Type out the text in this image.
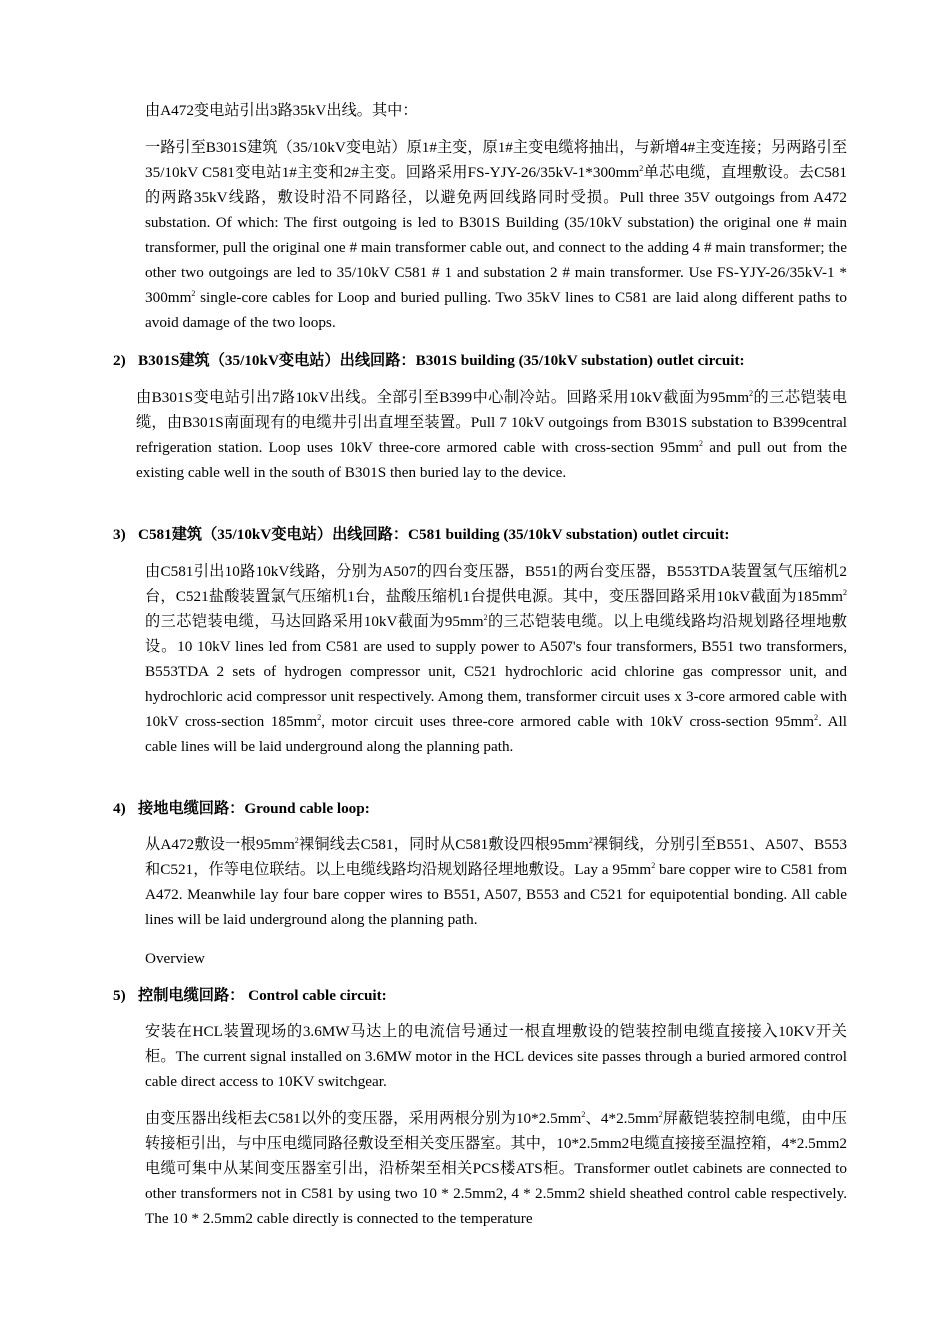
由A472变电站引出3路35kV出线。其中：

一路引至B301S建筑（35/10kV变电站）原1#主变，原1#主变电缆将抽出，与新增4#主变连接；另两路引至35/10kV C581变电站1#主变和2#主变。回路采用$FS-YJY-26/35kV-1*300mm^2$单芯电缆，直埋敷设。去C581的两路35kV线路，敷设时沿不同路径，以避免两回线路同时受损。Pull three 35V outgoings from A472 substation. Of which: The first outgoing is led to B301S Building (35/10kV substation) the original one # main transformer, pull the original one # main transformer cable out, and connect to the adding 4 # main transformer; the other two outgoings are led to 35/10kV C581 # 1 and substation 2 # main transformer. Use $FS-YJY-26/35kV-1 * 300mm^2$ single-core cables for Loop and buried pulling. Two 35kV lines to C581 are laid along different paths to avoid damage of the two loops.

2) B301S建筑（35/10kV变电站）出线回路：B301S building (35/10kV substation) outlet circuit:

由B301S变电站引出7路10kV出线。全部引至B399中心制冷站。回路采用10kV截面为$95mm^2$的三芯铠装电缆，由B301S南面现有的电缆井引出直埋至装置。Pull 7 10kV outgoings from B301S substation to B399central refrigeration station. Loop uses 10kV three-core armored cable with cross-section $95mm^2$ and pull out from the existing cable well in the south of B301S then buried lay to the device.

3) C581建筑（35/10kV变电站）出线回路：C581 building (35/10kV substation) outlet circuit:

由C581引出10路10kV线路，分别为A507的四台变压器，B551的两台变压器，B553TDA装置氢气压缩机2台，C521盐酸装置氯气压缩机1台，盐酸压缩机1台提供电源。其中，变压器回路采用10kV截面为$185mm^2$的三芯铠装电缆，马达回路采用10kV截面为$95mm^2$的三芯铠装电缆。以上电缆线路均沿规划路径埋地敷设。10 10kV lines led from C581 are used to supply power to A507's four transformers, B551 two transformers, B553TDA 2 sets of hydrogen compressor unit, C521 hydrochloric acid chlorine gas compressor unit, and hydrochloric acid compressor unit respectively. Among them, transformer circuit uses x 3-core armored cable with 10kV cross-section $185mm^2$, motor circuit uses three-core armored cable with 10kV cross-section $95mm^2$. All cable lines will be laid underground along the planning path.

4) 接地电缆回路：Ground cable loop:

从A472敷设一根$95mm^2$裸铜线去C581，同时从C581敷设四根$95mm^2$裸铜线，分别引至B551、A507、B553和C521，作等电位联结。以上电缆线路均沿规划路径埋地敷设。Lay a $95mm^2$ bare copper wire to C581 from A472. Meanwhile lay four bare copper wires to B551, A507, B553 and C521 for equipotential bonding. All cable lines will be laid underground along the planning path.

Overview

5) 控制电缆回路： Control cable circuit:

安装在HCL装置现场的3.6MW马达上的电流信号通过一根直埋敷设的铠装控制电缆直接接入10KV开关柜。The current signal installed on 3.6MW motor in the HCL devices site passes through a buried armored control cable direct access to 10KV switchgear.

由变压器出线柜去C581以外的变压器，采用两根分别为$10*2.5mm^2$、$4*2.5mm^2$屏蔽铠装控制电缆，由中压转接柜引出，与中压电缆同路径敷设至相关变压器室。其中，10*2.5mm2电缆直接接至温控箱，4*2.5mm2电缆可集中从某间变压器室引出，沿桥架至相关PCS楼ATS柜。Transformer outlet cabinets are connected to other transformers not in C581 by using two 10 * 2.5mm2, 4 * 2.5mm2 shield sheathed control cable respectively. The 10 * 2.5mm2 cable directly is connected to the temperature
